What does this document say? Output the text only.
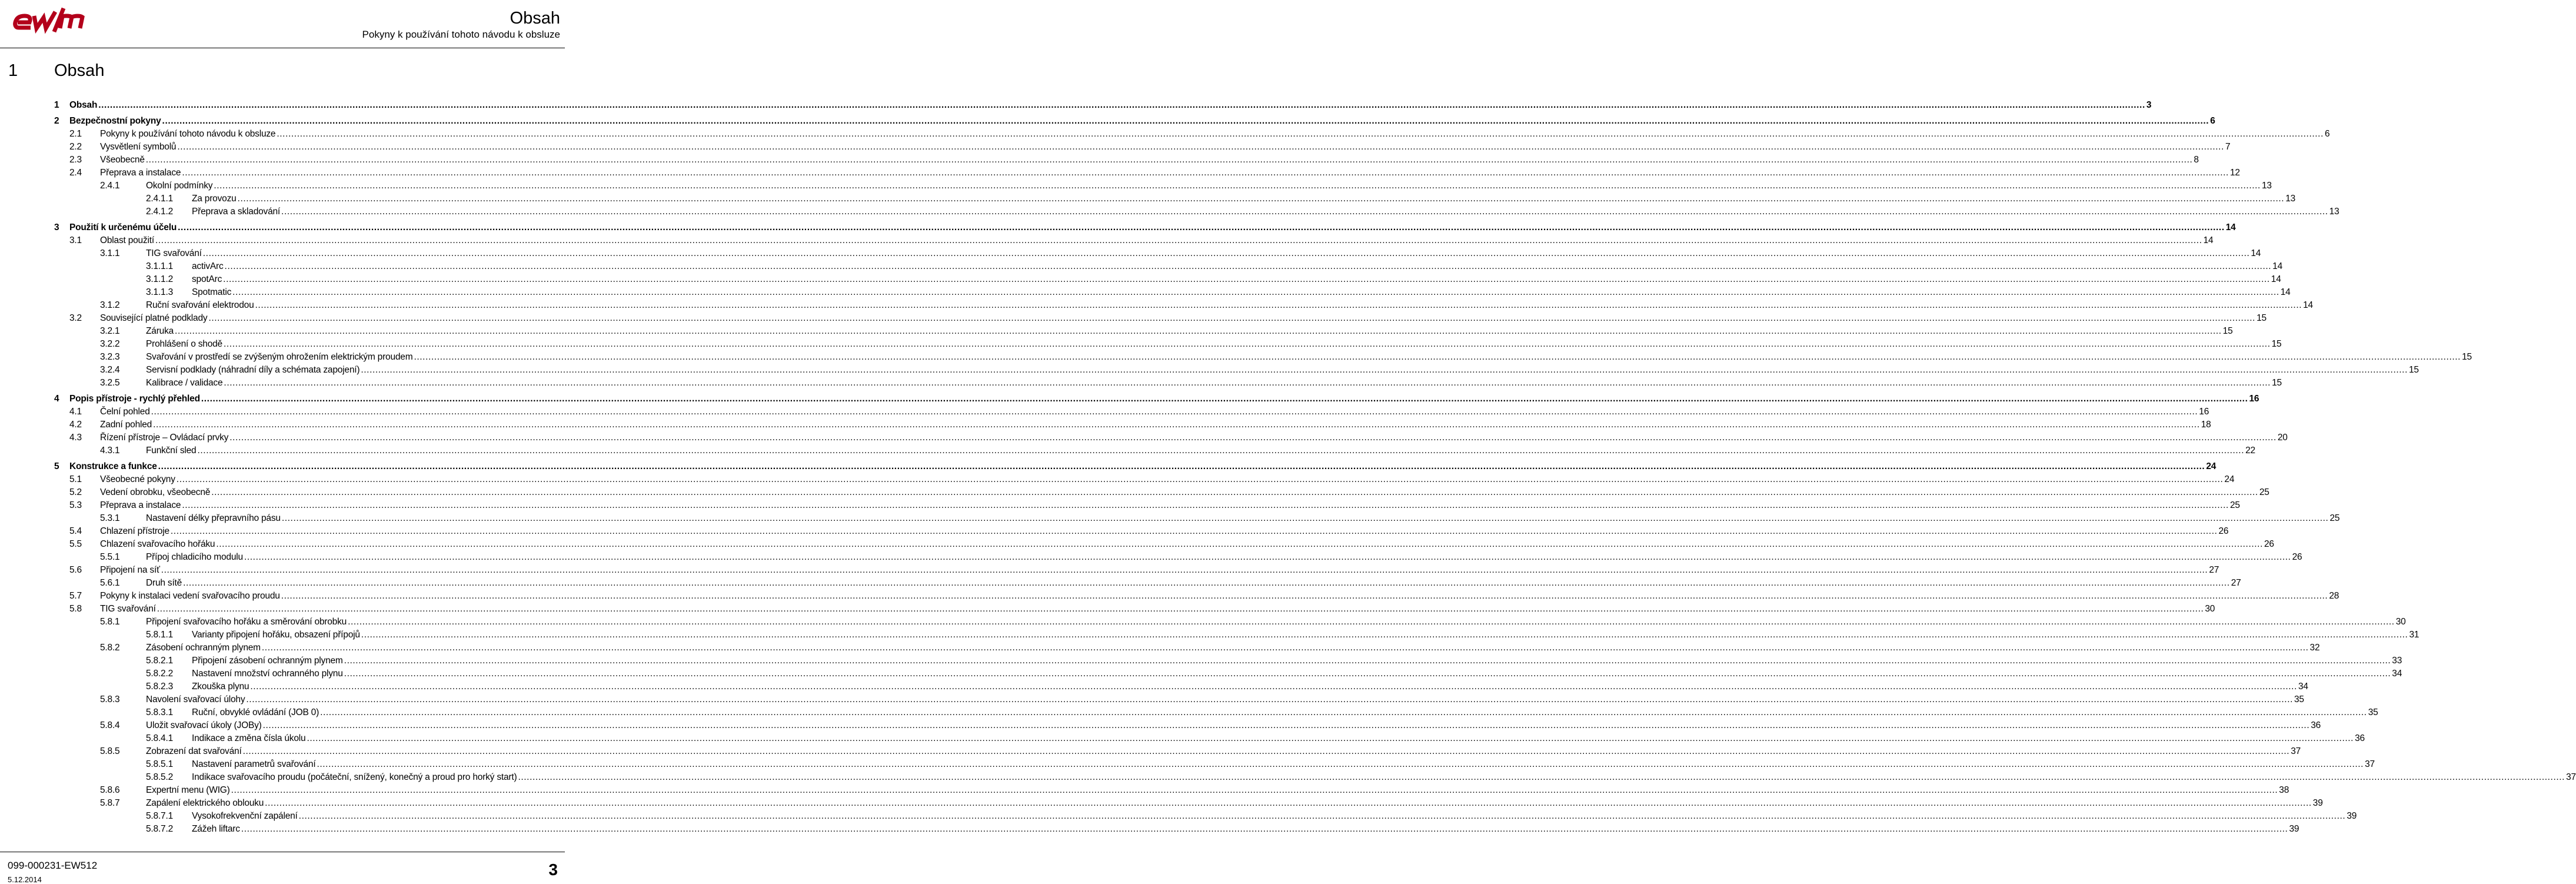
Obsah
Pokyny k používání tohoto návodu k obsluze
1 Obsah
1	Obsah .....	3
2	Bezpečnostní pokyny .....	6
2.1	Pokyny k používání tohoto návodu k obsluze .....	6
2.2	Vysvětlení symbolů .....	7
2.3	Všeobecně .....	8
2.4	Přeprava a instalace .....	12
2.4.1	Okolní podmínky .....	13
2.4.1.1	Za provozu .....	13
2.4.1.2	Přeprava a skladování .....	13
3	Použití k určenému účelu .....	14
3.1	Oblast použití .....	14
3.1.1	TIG svařování .....	14
3.1.1.1	activArc .....	14
3.1.1.2	spotArc .....	14
3.1.1.3	Spotmatic .....	14
3.1.2	Ruční svařování elektrodou .....	14
3.2	Související platné podklady .....	15
3.2.1	Záruka .....	15
3.2.2	Prohlášení o shodě .....	15
3.2.3	Svařování v prostředí se zvýšeným ohrožením elektrickým proudem .....	15
3.2.4	Servisní podklady (náhradní díly a schémata zapojení) .....	15
3.2.5	Kalibrace / validace .....	15
4	Popis přístroje - rychlý přehled .....	16
4.1	Čelní pohled .....	16
4.2	Zadní pohled .....	18
4.3	Řízení přístroje – Ovládací prvky .....	20
4.3.1	Funkční sled .....	22
5	Konstrukce a funkce .....	24
5.1	Všeobecné pokyny .....	24
5.2	Vedení obrobku, všeobecně .....	25
5.3	Přeprava a instalace .....	25
5.3.1	Nastavení délky přepravního pásu .....	25
5.4	Chlazení přístroje .....	26
5.5	Chlazení svařovacího hořáku .....	26
5.5.1	Přípoj chladicího modulu .....	26
5.6	Připojení na síť .....	27
5.6.1	Druh sítě .....	27
5.7	Pokyny k instalaci vedení svařovacího proudu .....	28
5.8	TIG svařování .....	30
5.8.1	Připojení svařovacího hořáku a směrování obrobku .....	30
5.8.1.1	Varianty připojení hořáku, obsazení přípojů .....	31
5.8.2	Zásobení ochranným plynem .....	32
5.8.2.1	Připojení zásobení ochranným plynem .....	33
5.8.2.2	Nastavení množství ochranného plynu .....	34
5.8.2.3	Zkouška plynu .....	34
5.8.3	Navolení svařovací úlohy .....	35
5.8.3.1	Ruční, obvyklé ovládání (JOB 0) .....	35
5.8.4	Uložit svařovací úkoly (JOBy) .....	36
5.8.4.1	Indikace a změna čísla úkolu .....	36
5.8.5	Zobrazení dat svařování .....	37
5.8.5.1	Nastavení parametrů svařování .....	37
5.8.5.2	Indikace svařovacího proudu (počáteční, snížený, konečný a proud pro horký start) .....	37
5.8.6	Expertní menu (WIG) .....	38
5.8.7	Zapálení elektrického oblouku .....	39
5.8.7.1	Vysokofrekvenční zapálení .....	39
5.8.7.2	Zážeh liftarc .....	39
099-000231-EW512
5.12.2014
3
